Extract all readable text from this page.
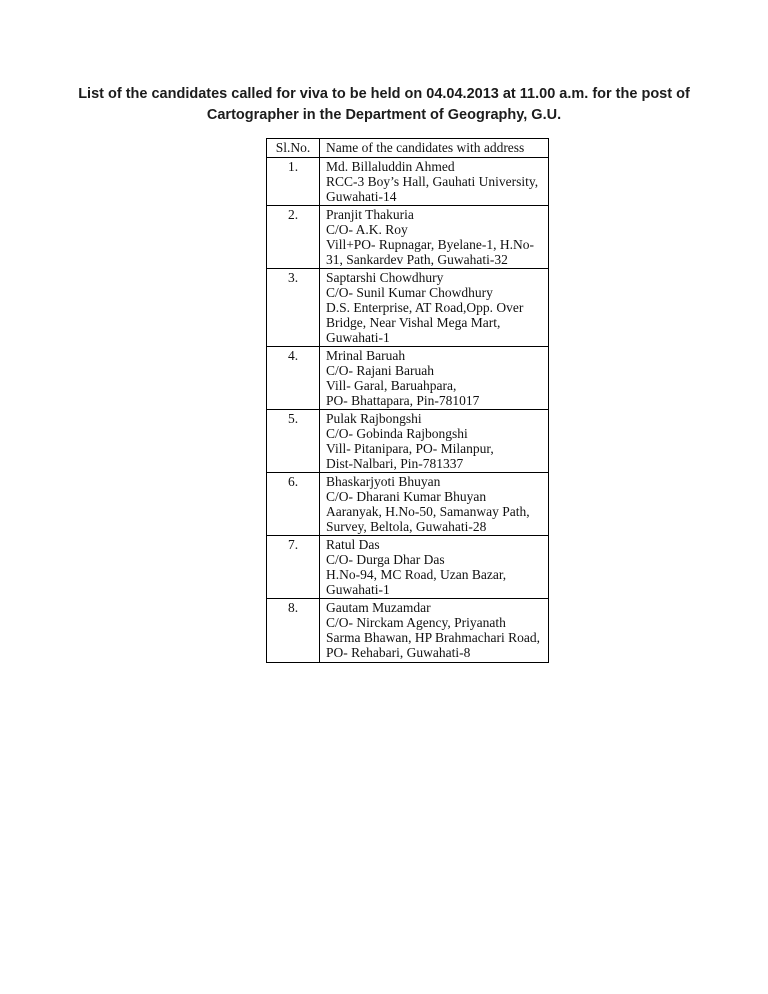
List of the candidates called for viva to be held on 04.04.2013 at 11.00 a.m. for the post of
Cartographer in the Department of Geography, G.U.
Sl.No.	Name of the candidates with address
1.	Md. Billaluddin Ahmed
RCC-3 Boy’s Hall, Gauhati University,
Guwahati-14

2.	Pranjit Thakuria
C/O- A.K. Roy
Vill+PO- Rupnagar, Byelane-1, H.No-
31, Sankardev Path, Guwahati-32

3.	Saptarshi Chowdhury
C/O- Sunil Kumar Chowdhury
D.S. Enterprise, AT Road,Opp. Over
Bridge, Near Vishal Mega Mart,
Guwahati-1

4.	Mrinal Baruah
C/O- Rajani Baruah
Vill- Garal, Baruahpara,
PO- Bhattapara, Pin-781017

5.	Pulak Rajbongshi
C/O- Gobinda Rajbongshi
Vill- Pitanipara, PO- Milanpur,
Dist-Nalbari, Pin-781337

6.	Bhaskarjyoti Bhuyan
C/O- Dharani Kumar Bhuyan
Aaranyak, H.No-50, Samanway Path,
Survey, Beltola, Guwahati-28

7.	Ratul Das
C/O- Durga Dhar Das
H.No-94, MC Road, Uzan Bazar,
Guwahati-1

8.	Gautam Muzamdar
C/O- Nirckam Agency, Priyanath
Sarma Bhawan, HP Brahmachari Road,
PO- Rehabari, Guwahati-8
